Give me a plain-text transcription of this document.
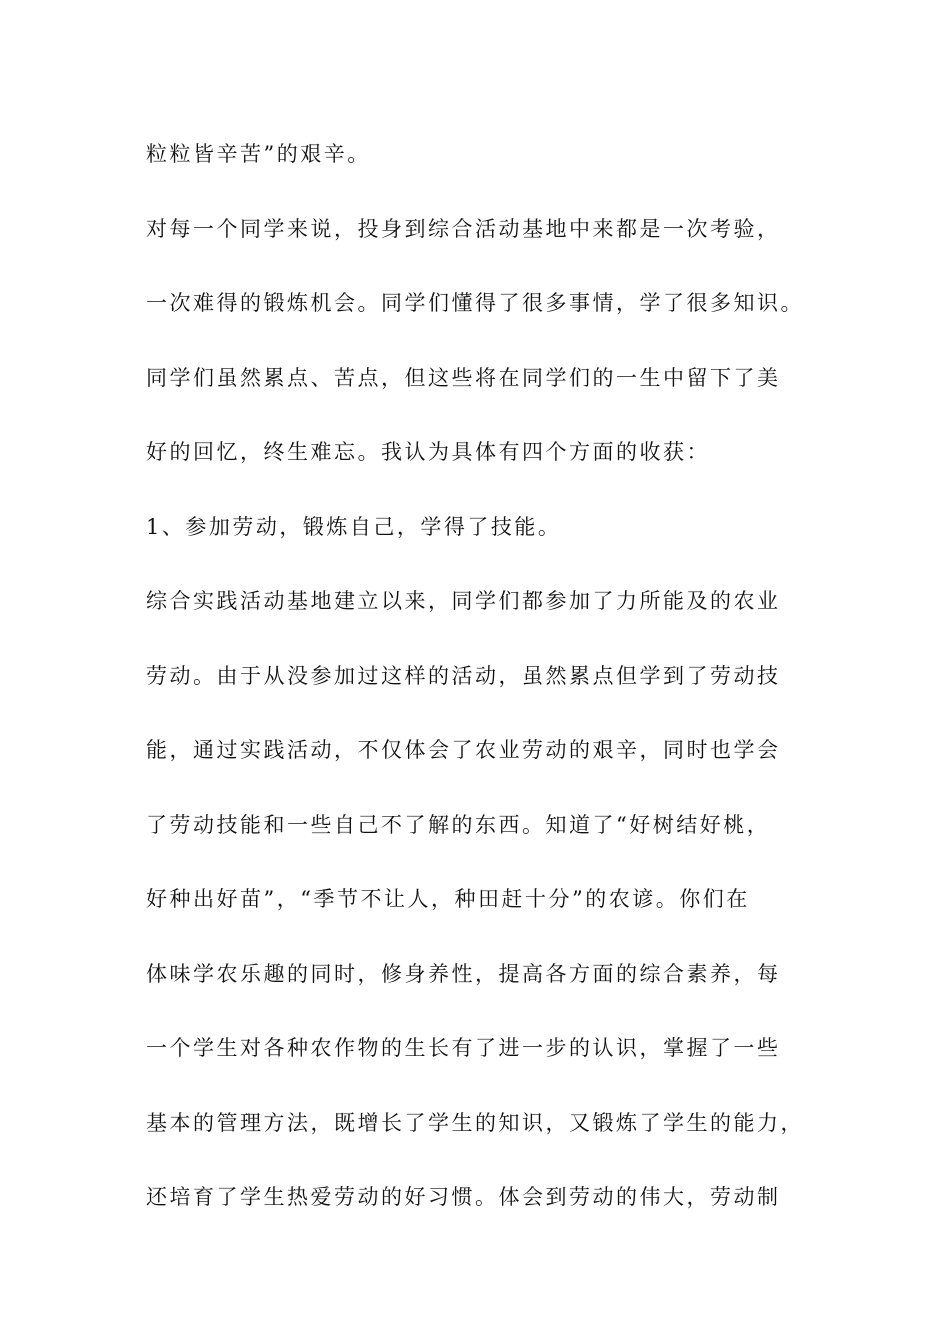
粒粒皆辛苦”的艰辛。
对每一个同学来说，投身到综合活动基地中来都是一次考验，
一次难得的锻炼机会。同学们懂得了很多事情，学了很多知识。
同学们虽然累点、苦点，但这些将在同学们的一生中留下了美
好的回忆，终生难忘。我认为具体有四个方面的收获：
1、参加劳动，锻炼自己，学得了技能。
综合实践活动基地建立以来，同学们都参加了力所能及的农业
劳动。由于从没参加过这样的活动，虽然累点但学到了劳动技
能，通过实践活动，不仅体会了农业劳动的艰辛，同时也学会
了劳动技能和一些自己不了解的东西。知道了“好树结好桃，
好种出好苗”，“季节不让人，种田赶十分”的农谚。你们在
体味学农乐趣的同时，修身养性，提高各方面的综合素养，每
一个学生对各种农作物的生长有了进一步的认识，掌握了一些
基本的管理方法，既增长了学生的知识，又锻炼了学生的能力，
还培育了学生热爱劳动的好习惯。体会到劳动的伟大，劳动制
